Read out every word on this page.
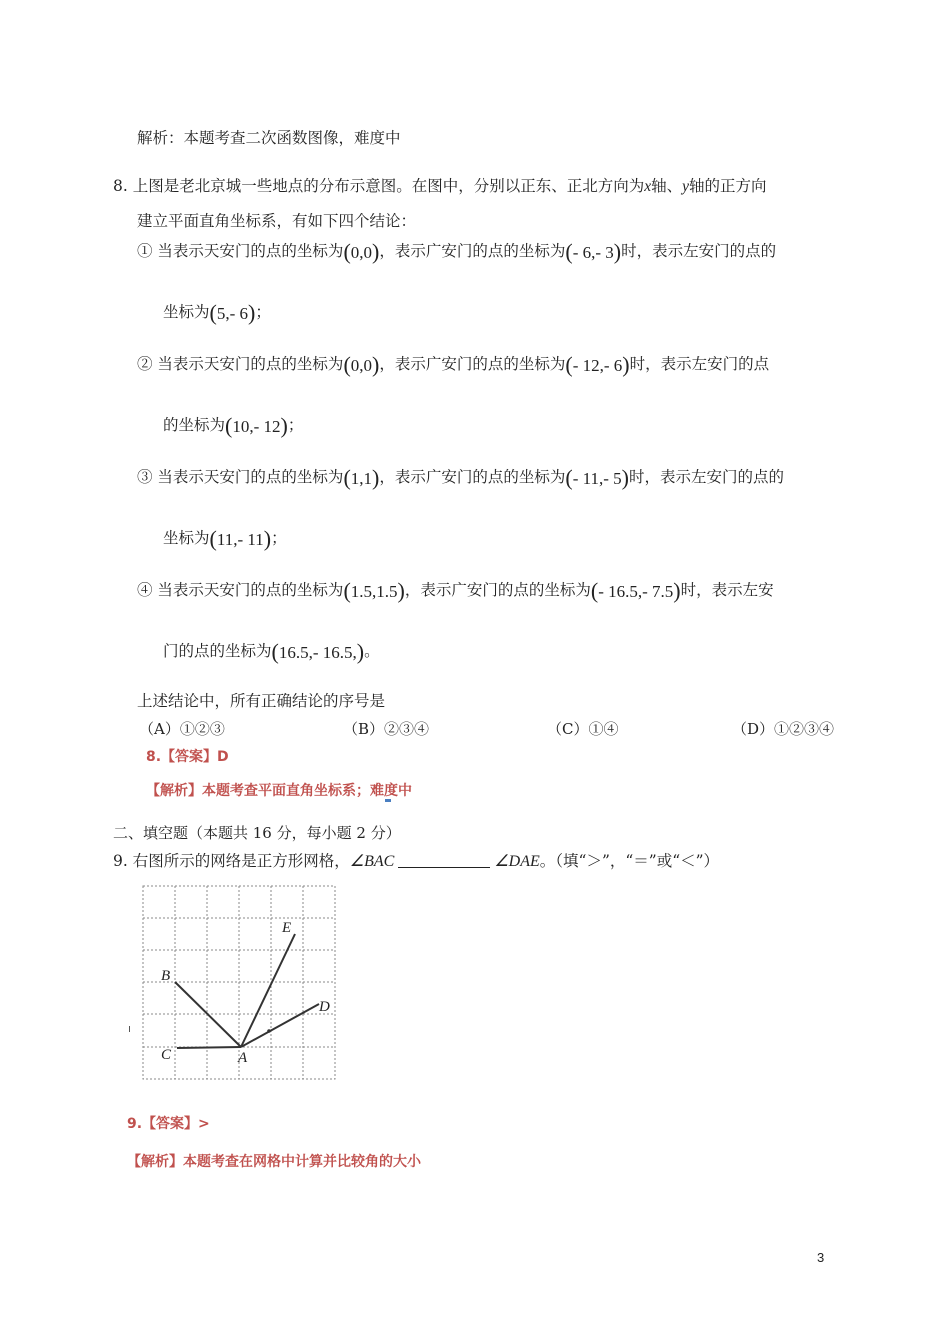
解析：本题考查二次函数图像，难度中
8. 上图是老北京城一些地点的分布示意图。在图中，分别以正东、正北方向为x轴、y轴的正方向
建立平面直角坐标系，有如下四个结论：
① 当表示天安门的点的坐标为(0,0)，表示广安门的点的坐标为(- 6,- 3)时，表示左安门的点的
坐标为(5,- 6)；
② 当表示天安门的点的坐标为(0,0)，表示广安门的点的坐标为(- 12,- 6)时，表示左安门的点
的坐标为(10,- 12)；
③ 当表示天安门的点的坐标为(1,1)，表示广安门的点的坐标为(- 11,- 5)时，表示左安门的点的
坐标为(11,- 11)；
④ 当表示天安门的点的坐标为(1.5,1.5)，表示广安门的点的坐标为(- 16.5,- 7.5)时，表示左安
门的点的坐标为(16.5,- 16.5,)。
上述结论中，所有正确结论的序号是
（A）①②③	（B）②③④	（C）①④	（D）①②③④
8.【答案】D
【解析】本题考查平面直角坐标系；难度中
二、填空题（本题共 16 分，每小题 2 分）
9. 右图所示的网络是正方形网格，∠BAC	∠DAE。（填“＞”，“＝”或“＜”）
A
B
C
D
E
9.【答案】>
【解析】本题考查在网格中计算并比较角的大小
3
